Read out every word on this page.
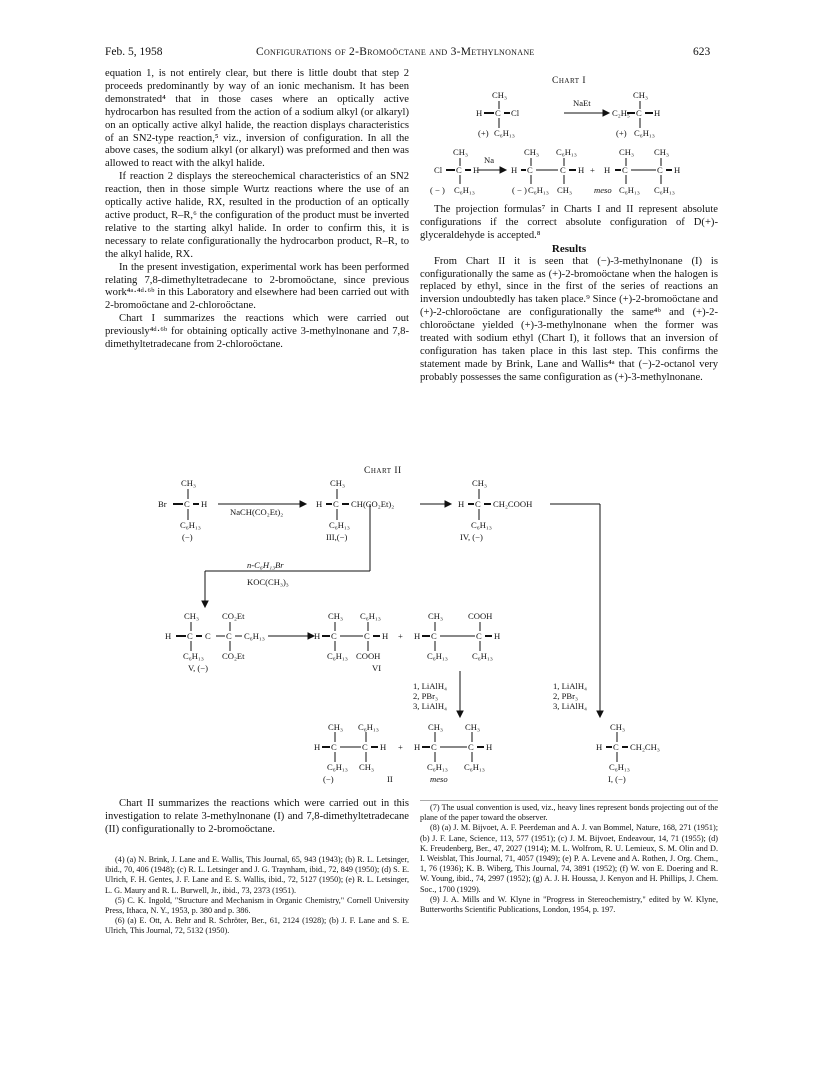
Feb. 5, 1958	Configurations of 2-Bromoöctane and 3-Methylnonane	623

equation 1, is not entirely clear, but there is little doubt that step 2 proceeds predominantly by way of an ionic mechanism. It has been demonstrated⁴ that in those cases where an optically active hydrocarbon has resulted from the action of a sodium alkyl (or alkaryl) on an optically active alkyl halide, the reaction displays characteristics of an SN2-type reaction,⁵ viz., inversion of configuration. In all the above cases, the sodium alkyl (or alkaryl) was preformed and then was allowed to react with the alkyl halide.

If reaction 2 displays the stereochemical characteristics of an SN2 reaction, then in those simple Wurtz reactions where the use of an optically active halide, RX, resulted in the production of an optically active product, R–R,⁶ the configuration of the product must be inverted relative to the starting alkyl halide. In order to confirm this, it is necessary to relate configurationally the hydrocarbon product, R–R, to the alkyl halide, RX.

In the present investigation, experimental work has been performed relating 7,8-dimethyltetradecane to 2-bromoöctane, since previous work⁴ᵃ·⁴ᵈ·⁶ᵇ in this Laboratory and elsewhere had been carried out with 2-bromoöctane and 2-chloroöctane.

Chart I summarizes the reactions which were carried out previously⁴ᵈ·⁶ᵇ for obtaining optically active 3-methylnonane and 7,8-dimethyltetradecane from 2-chloroöctane.

Chart I
CH₃
H C Cl
NaEt
CH₃
C₂H₅ C H
(+) C₆H₁₃	(+) C₆H₁₃
CH₃
Cl C H
Na
( − ) C₆H₁₃
CH₃ C₆H₁₃
H C	C H +
( − ) C₆H₁₃ CH₃
CH₃ CH₃
H C	C H
meso C₆H₁₃ C₆H₁₃

The projection formulas⁷ in Charts I and II represent absolute configurations if the correct absolute configuration of D(+)-glyceraldehyde is accepted.⁸

Results

From Chart II it is seen that (−)-3-methylnonane (I) is configurationally the same as (+)-2-bromoöctane when the halogen is replaced by ethyl, since in the first of the series of reactions an inversion undoubtedly has taken place.⁹ Since (+)-2-bromoöctane and (+)-2-chloroöctane are configurationally the same⁴ᵇ and (+)-2-chloroöctane yielded (+)-3-methylnonane when the former was treated with sodium ethyl (Chart I), it follows that an inversion of configuration has taken place in this last step. This confirms the statement made by Brink, Lane and Wallis⁴ᵃ that (−)-2-octanol very probably possesses the same configuration as (+)-3-methylnonane.

Chart II
CH₃
Br C H
C₆H₁₃
(−)
NaCH(CO₂Et)₂
CH₃
H C CH(CO₂Et)₂
C₆H₁₃
III,(−)
CH₃
H C CH₂COOH
C₆H₁₃
IV, (−)
n-C₆H₁₃Br
KOC(CH₃)₃
CH₃	CO₂Et
H C C C C₆H₁₃
C₆H₁₃ CO₂Et
V, (−)
CH₃ C₆H₁₃
H C	C H +
C₆H₁₃ COOH
CH₃	COOH
H C	C H
C₆H₁₃	C₆H₁₃
VI
1, LiAlH₄
2, PBr₃
3, LiAlH₄
1, LiAlH₄
2, PBr₃
3, LiAlH₄
CH₃ C₆H₁₃
H C	C H +
C₆H₁₃ CH₃
(−)	II
CH₃	CH₃
H C	C H
C₆H₁₃ C₆H₁₃
meso
CH₃
H C CH₂CH₃
C₆H₁₃
I, (−)

Chart II summarizes the reactions which were carried out in this investigation to relate 3-methylnonane (I) and 7,8-dimethyltetradecane (II) configurationally to 2-bromoöctane.

(4) (a) N. Brink, J. Lane and E. Wallis, This Journal, 65, 943 (1943); (b) R. L. Letsinger, ibid., 70, 406 (1948); (c) R. L. Letsinger and J. G. Traynham, ibid., 72, 849 (1950); (d) S. E. Ulrich, F. H. Gentes, J. F. Lane and E. S. Wallis, ibid., 72, 5127 (1950); (e) R. L. Letsinger, L. G. Maury and R. L. Burwell, Jr., ibid., 73, 2373 (1951).

(5) C. K. Ingold, "Structure and Mechanism in Organic Chemistry," Cornell University Press, Ithaca, N. Y., 1953, p. 380 and p. 386.

(6) (a) E. Ott, A. Behr and R. Schröter, Ber., 61, 2124 (1928); (b) J. F. Lane and S. E. Ulrich, This Journal, 72, 5132 (1950).

(7) The usual convention is used, viz., heavy lines represent bonds projecting out of the plane of the paper toward the observer.

(8) (a) J. M. Bijvoet, A. F. Peerdeman and A. J. van Bommel, Nature, 168, 271 (1951); (b) J. F. Lane, Science, 113, 577 (1951); (c) J. M. Bijvoet, Endeavour, 14, 71 (1955); (d) K. Freudenberg, Ber., 47, 2027 (1914); M. L. Wolfrom, R. U. Lemieux, S. M. Olin and D. I. Weisblat, This Journal, 71, 4057 (1949); (e) P. A. Levene and A. Rothen, J. Org. Chem., 1, 76 (1936); K. B. Wiberg, This Journal, 74, 3891 (1952); (f) W. von E. Doering and R. W. Young, ibid., 74, 2997 (1952); (g) A. J. H. Houssa, J. Kenyon and H. Phillips, J. Chem. Soc., 1700 (1929).

(9) J. A. Mills and W. Klyne in "Progress in Stereochemistry," edited by W. Klyne, Butterworths Scientific Publications, London, 1954, p. 197.
